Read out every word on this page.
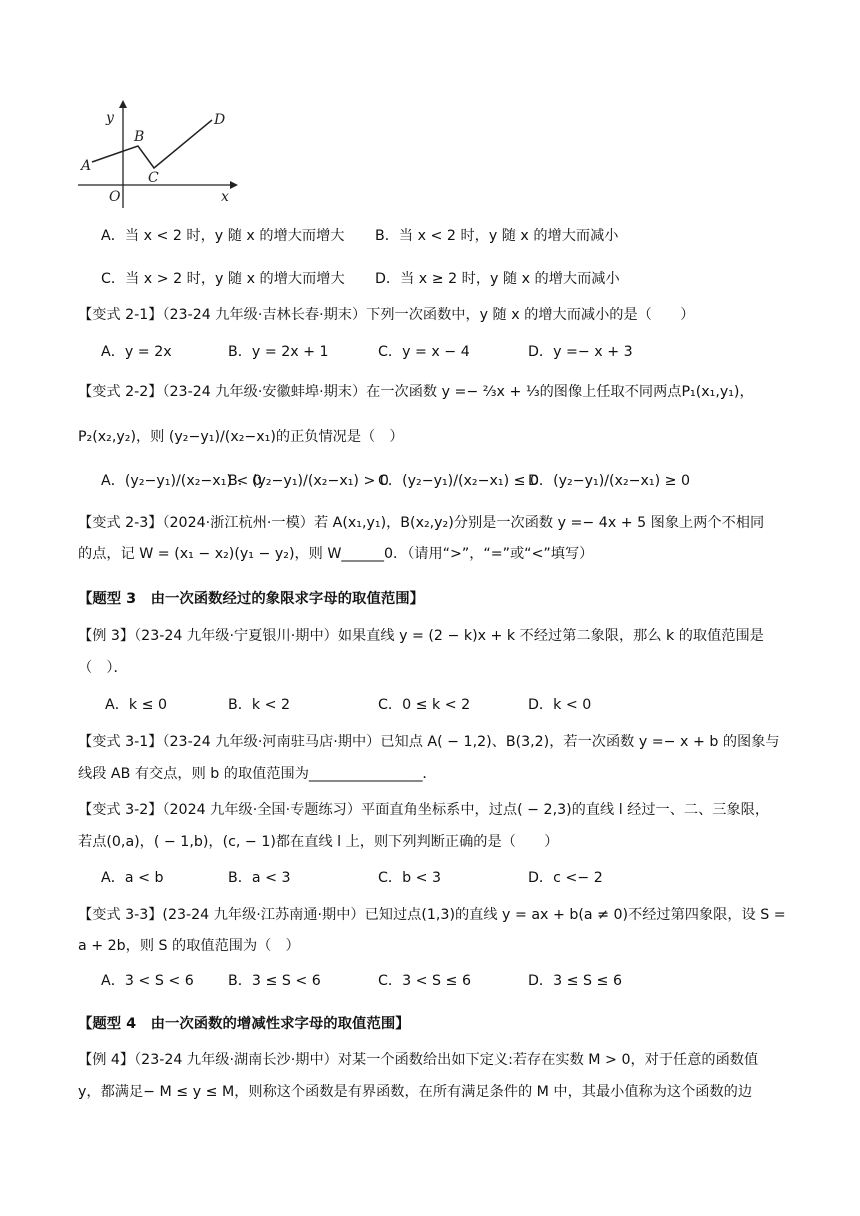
y
A
B
C
D
O	x
A．当 x < 2 时，y 随 x 的增大而增大 B．当 x < 2 时，y 随 x 的增大而减小
C．当 x > 2 时，y 随 x 的增大而增大 D．当 x ≥ 2 时，y 随 x 的增大而减小
【变式 2-1】（23-24 九年级·吉林长春·期末）下列一次函数中，y 随 x 的增大而减小的是（　　）
A．y = 2x	B．y = 2x + 1	C．y = x − 4	D．y =− x + 3
【变式 2-2】（23-24 九年级·安徽蚌埠·期末）在一次函数 y =− ⅔x + ⅓的图像上任取不同两点P₁(x₁,y₁)，
P₂(x₂,y₂)，则 (y₂−y₁)/(x₂−x₁)的正负情况是（　）
A．(y₂−y₁)/(x₂−x₁) < 0
B．(y₂−y₁)/(x₂−x₁) > 0
C．(y₂−y₁)/(x₂−x₁) ≤ 0
D．(y₂−y₁)/(x₂−x₁) ≥ 0
【变式 2-3】（2024·浙江杭州·一模）若 A(x₁,y₁)，B(x₂,y₂)分别是一次函数 y =− 4x + 5 图象上两个不相同
的点，记 W = (x₁ − x₂)(y₁ − y₂)，则 W______0．（请用“>”，“=”或“<”填写）
【题型 3　由一次函数经过的象限求字母的取值范围】
【例 3】（23-24 九年级·宁夏银川·期中）如果直线 y = (2 − k)x + k 不经过第二象限，那么 k 的取值范围是
（　）．
A．k ≤ 0	B．k < 2	C．0 ≤ k < 2	D．k < 0
【变式 3-1】（23-24 九年级·河南驻马店·期中）已知点 A( − 1,2)、B(3,2)，若一次函数 y =− x + b 的图象与
线段 AB 有交点，则 b 的取值范围为________________．
【变式 3-2】（2024 九年级·全国·专题练习）平面直角坐标系中，过点( − 2,3)的直线 l 经过一、二、三象限，
若点(0,a)，( − 1,b)，(c, − 1)都在直线 l 上，则下列判断正确的是（　　）
A．a < b	B．a < 3	C．b < 3	D．c <− 2
【变式 3-3】(23-24 九年级·江苏南通·期中）已知过点(1,3)的直线 y = ax + b(a ≠ 0)不经过第四象限，设 S =
a + 2b，则 S 的取值范围为（　）
A．3 < S < 6 B．3 ≤ S < 6	C．3 < S ≤ 6	D．3 ≤ S ≤ 6
【题型 4　由一次函数的增减性求字母的取值范围】
【例 4】（23-24 九年级·湖南长沙·期中）对某一个函数给出如下定义:若存在实数 M > 0，对于任意的函数值
y，都满足− M ≤ y ≤ M，则称这个函数是有界函数，在所有满足条件的 M 中，其最小值称为这个函数的边
